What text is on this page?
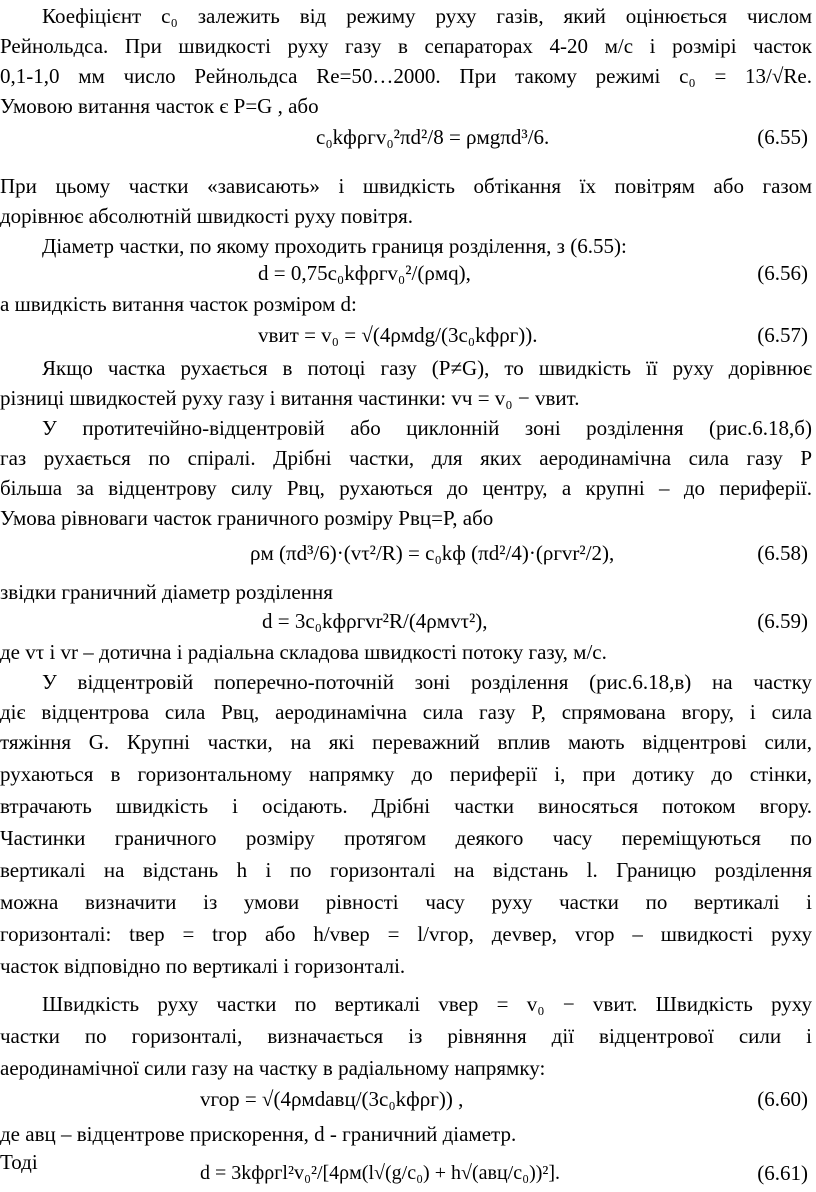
Коефіцієнт c₀ залежить від режиму руху газів, який оцінюється числом
Рейнольдса. При швидкості руху газу в сепараторах 4-20 м/с і розмірі часток
0,1-1,0 мм число Рейнольдса Re=50…2000. При такому режимі c₀ = 13/√Re.
Умовою витання часток є P=G , або
c₀kфρгv₀²πd²/8 = ρмgπd³/6.	(6.55)
При цьому частки «зависають» і швидкість обтікання їх повітрям або газом
дорівнює абсолютній швидкості руху повітря.
Діаметр частки, по якому проходить границя розділення, з (6.55):
d = 0,75c₀kфρгv₀²/(ρмq),	(6.56)
а швидкість витання часток розміром d:
vвит = v₀ = √(4ρмdg/(3c₀kфρг)).	(6.57)
Якщо частка рухається в потоці газу (P≠G), то швидкість її руху дорівнює
різниці швидкостей руху газу і витання частинки: vч = v₀ − vвит.
У протитечійно-відцентровій або циклонній зоні розділення (рис.6.18,б)
газ рухається по спіралі. Дрібні частки, для яких аеродинамічна сила газу P
більша за відцентрову силу Pвц, рухаються до центру, а крупні – до периферії.
Умова рівноваги часток граничного розміру Pвц=P, або
ρм (πd³/6)·(vτ²/R) = c₀kф (πd²/4)·(ρгvr²/2),	(6.58)
звідки граничний діаметр розділення
d = 3c₀kфρгvr²R/(4ρмvτ²),	(6.59)
де vτ і vr – дотична і радіальна складова швидкості потоку газу, м/с.
У відцентровій поперечно-поточній зоні розділення (рис.6.18,в) на частку
діє відцентрова сила Pвц, аеродинамічна сила газу P, спрямована вгору, і сила
тяжіння G. Крупні частки, на які переважний вплив мають відцентрові сили,
рухаються в горизонтальному напрямку до периферії і, при дотику до стінки,
втрачають швидкість і осідають. Дрібні частки виносяться потоком вгору.
Частинки граничного розміру протягом деякого часу переміщуються по
вертикалі на відстань h і по горизонталі на відстань l. Границю розділення
можна визначити із умови рівності часу руху частки по вертикалі і
горизонталі: tвер = tгор або h/vвер = l/vгор, деvвер, vгор – швидкості руху
часток відповідно по вертикалі і горизонталі.
Швидкість руху частки по вертикалі vвер = v₀ − vвит. Швидкість руху
частки по горизонталі, визначається із рівняння дії відцентрової сили і
аеродинамічної сили газу на частку в радіальному напрямку:
vгор = √(4ρмdaвц/(3c₀kфρг)) ,	(6.60)
де aвц – відцентрове прискорення, d - граничний діаметр.
Тоді	d = 3kфρгl²v₀²/[4ρм(l√(g/c₀) + h√(aвц/c₀))²].	(6.61)
